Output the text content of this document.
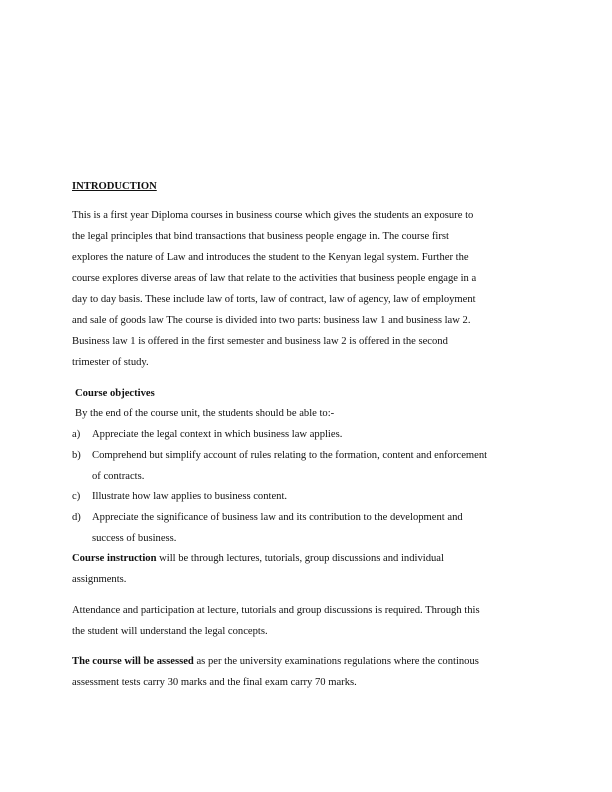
INTRODUCTION
This is a first year Diploma courses in business course which gives the students an exposure to
the legal principles that bind transactions that business people engage in. The course first
explores the nature of Law and introduces the student to the Kenyan legal system. Further the
course explores diverse areas of law that relate to the activities that business people engage in a
day to day basis. These include law of torts, law of contract, law of agency, law of employment
and sale of goods law The course is divided into two parts: business law 1 and business law 2.
Business law 1 is offered in the first semester and business law 2 is offered in the second
trimester of study.
Course objectives
By the end of the course unit, the students should be able to:-
a) Appreciate the legal context in which business law applies.
b) Comprehend but simplify account of rules relating to the formation, content and enforcement
of contracts.
c) Illustrate how law applies to business content.
d) Appreciate the significance of business law and its contribution to the development and
success of business.
Course instruction will be through lectures, tutorials, group discussions and individual
assignments.
Attendance and participation at lecture, tutorials and group discussions is required. Through this
the student will understand the legal concepts.
The course will be assessed as per the university examinations regulations where the continous
assessment tests carry 30 marks and the final exam carry 70 marks.
